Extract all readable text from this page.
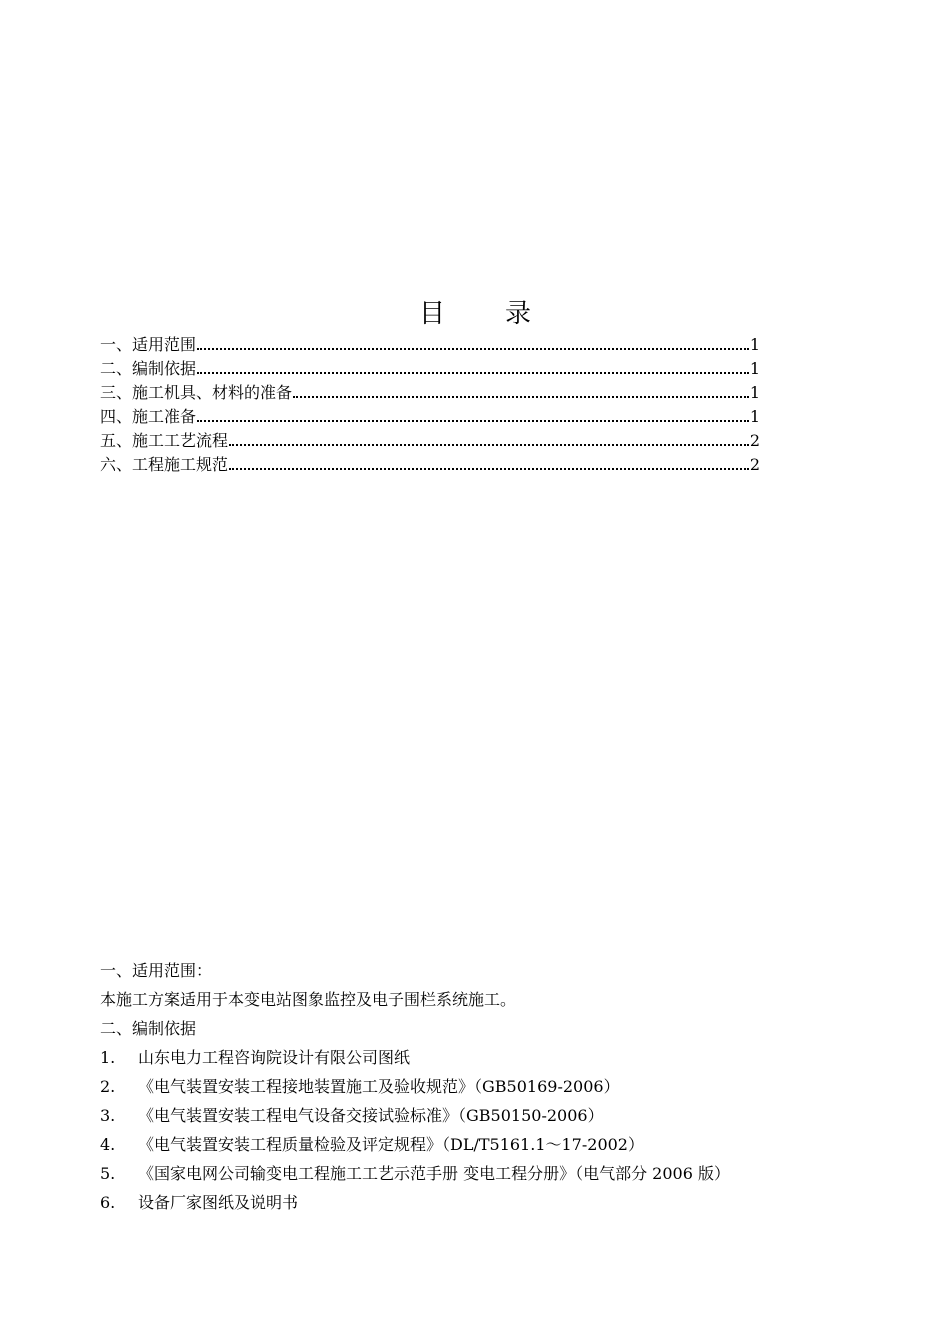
目录
一、适用范围	1
二、编制依据	1
三、施工机具、材料的准备	1
四、施工准备	1
五、施工工艺流程	2
六、工程施工规范	2
一、适用范围：
本施工方案适用于本变电站图象监控及电子围栏系统施工。
二、编制依据
1.	山东电力工程咨询院设计有限公司图纸
2.	《电气装置安装工程接地装置施工及验收规范》（GB50169-2006）
3.	《电气装置安装工程电气设备交接试验标准》（GB50150-2006）
4.	《电气装置安装工程质量检验及评定规程》（DL/T5161.1～17-2002）
5.	《国家电网公司输变电工程施工工艺示范手册 变电工程分册》（电气部分 2006 版）
6.	设备厂家图纸及说明书
